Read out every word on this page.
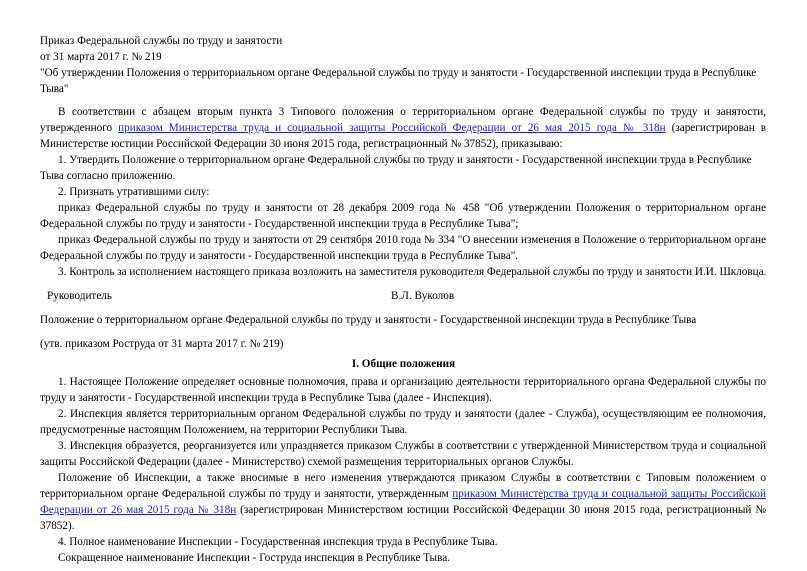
Приказ Федеральной службы по труду и занятости
от 31 марта 2017 г. № 219
"Об утверждении Положения о территориальном органе Федеральной службы по труду и занятости - Государственной инспекции труда в Республике
Тыва"
В соответствии с абзацем вторым пункта 3 Типового положения о территориальном органе Федеральной службы по труду и занятости,
утвержденного приказом Министерства труда и социальной защиты Российской Федерации от 26 мая 2015 года № 318н (зарегистрирован в
Министерстве юстиции Российской Федерации 30 июня 2015 года, регистрационный № 37852), приказываю:
1. Утвердить Положение о территориальном органе Федеральной службы по труду и занятости - Государственной инспекции труда в Республике
Тыва согласно приложению.
2. Признать утратившими силу:
приказ Федеральной службы по труду и занятости от 28 декабря 2009 года № 458 "Об утверждении Положения о территориальном органе
Федеральной службы по труду и занятости - Государственной инспекции труда в Республике Тыва";
приказ Федеральной службы по труду и занятости от 29 сентября 2010 года № 334 "О внесении изменения в Положение о территориальном органе
Федеральной службы по труду и занятости - Государственной инспекции труда в Республике Тыва".
3. Контроль за исполнением настоящего приказа возложить на заместителя руководителя Федеральной службы по труду и занятости И.И. Шкловца.
Руководитель	В.Л. Вуколов
Положение о территориальном органе Федеральной службы по труду и занятости - Государственной инспекции труда в Республике Тыва
(утв. приказом Роструда от 31 марта 2017 г. № 219)
I. Общие положения
1. Настоящее Положение определяет основные полномочия, права и организацию деятельности территориального органа Федеральной службы по
труду и занятости - Государственной инспекции труда в Республике Тыва (далее - Инспекция).
2. Инспекция является территориальным органом Федеральной службы по труду и занятости (далее - Служба), осуществляющим ее полномочия,
предусмотренные настоящим Положением, на территории Республики Тыва.
3. Инспекция образуется, реорганизуется или упраздняется приказом Службы в соответствии с утвержденной Министерством труда и социальной
защиты Российской Федерации (далее - Министерство) схемой размещения территориальных органов Службы.
Положение об Инспекции, а также вносимые в него изменения утверждаются приказом Службы в соответствии с Типовым положением о
территориальном органе Федеральной службы по труду и занятости, утвержденным приказом Министерства труда и социальной защиты Российской
Федерации от 26 мая 2015 года № 318н (зарегистрирован Министерством юстиции Российской Федерации 30 июня 2015 года, регистрационный №
37852).
4. Полное наименование Инспекции - Государственная инспекция труда в Республике Тыва.
Сокращенное наименование Инспекции - Гоструда инспекция в Республике Тыва.
